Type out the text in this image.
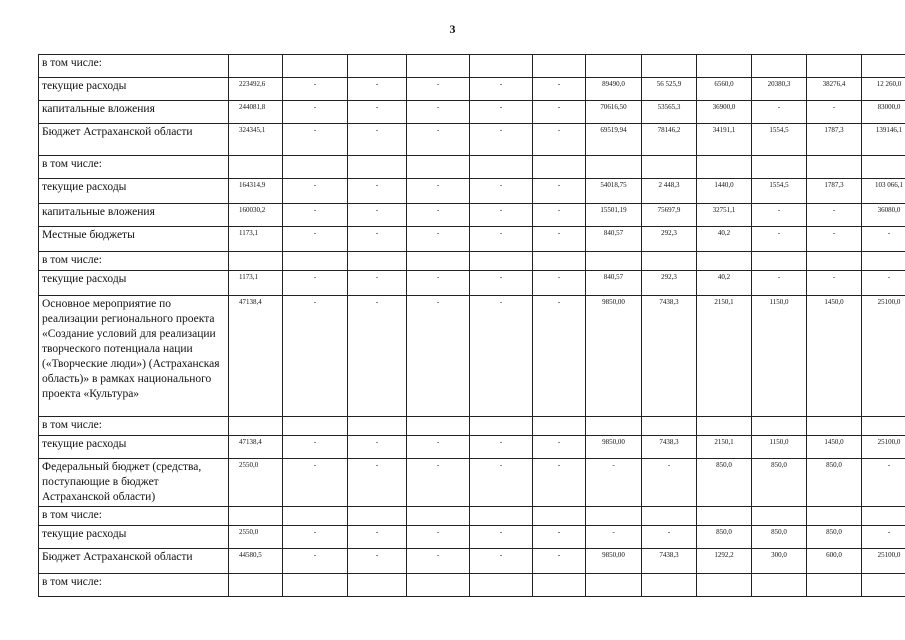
3
в том числе:												
текущие расходы	223492,6	-	-	-	-	-	89490,0	56 525,9	6560,0	20380,3	38276,4	12 260,0
капитальные вложения	244081,8	-	-	-	-	-	70616,50	53565,3	36900,0	-	-	83000,0
Бюджет Астраханской области	324345,1	-	-	-	-	-	69519,94	78146,2	34191,1	1554,5	1787,3	139146,1
в том числе:												
текущие расходы	164314,9	-	-	-	-	-	54018,75	2 448,3	1440,0	1554,5	1787,3	103 066,1
капитальные вложения	160030,2	-	-	-	-	-	15501,19	75697,9	32751,1	-	-	36080,0
Местные бюджеты	1173,1	-	-	-	-	-	840,57	292,3	40,2	-	-	-
в том числе:												
текущие расходы	1173,1	-	-	-	-	-	840,57	292,3	40,2	-	-	-
Основное мероприятие по реализации регионального проекта «Создание условий для реализации творческого потенциала нации («Творческие люди») (Астраханская область)» в рамках национального проекта «Культура»	47138,4	-	-	-	-	-	9850,00	7438,3	2150,1	1150,0	1450,0	25100,0
в том числе:												
текущие расходы	47138,4	-	-	-	-	-	9850,00	7438,3	2150,1	1150,0	1450,0	25100,0
Федеральный бюджет (средства, поступающие в бюджет Астраханской области)	2550,0	-	-	-	-	-	-	-	850,0	850,0	850,0	-
в том числе:												
текущие расходы	2550,0	-	-	-	-	-	-	-	850,0	850,0	850,0	-
Бюджет Астраханской области	44580,5	-	-	-	-	-	9850,00	7438,3	1292,2	300,0	600,0	25100,0
в том числе:												
